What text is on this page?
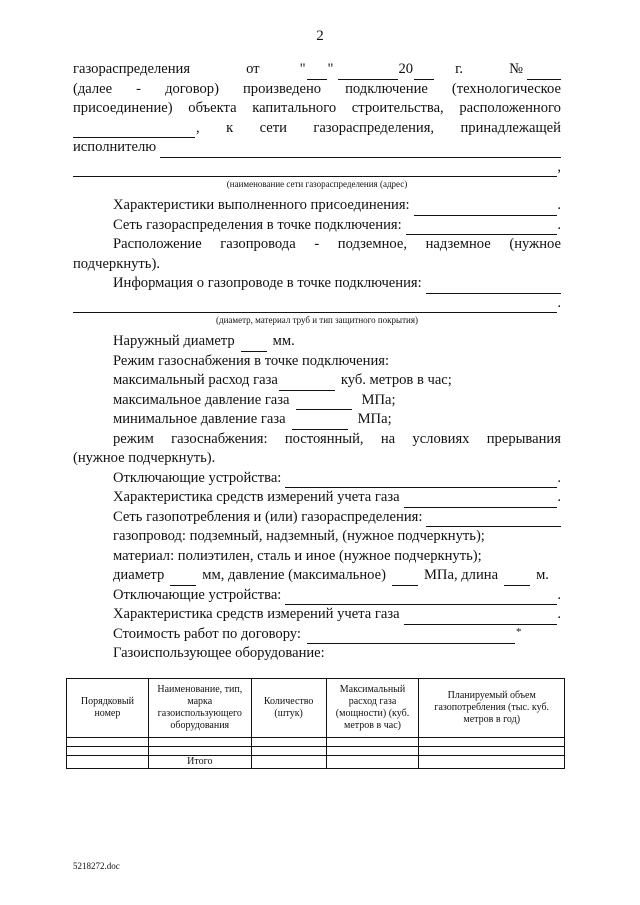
2
газораспределения	от	" "	20	г.	№
(далее - договор) произведено подключение (технологическое
присоединение) объекта капитального строительства, расположенного
, к сети газораспределения, принадлежащей
исполнителю
,
(наименование сети газораспределения (адрес)
Характеристики выполненного присоединения:	.
Сеть газораспределения в точке подключения:	.
Расположение газопровода - подземное, надземное (нужное
подчеркнуть).
Информация о газопроводе в точке подключения:
.
(диаметр, материал труб и тип защитного покрытия)
Наружный диаметр	мм.
Режим газоснабжения в точке подключения:
максимальный расход газа	куб. метров в час;
максимальное давление газа	МПа;
минимальное давление газа	МПа;
режим газоснабжения: постоянный, на условиях прерывания
(нужное подчеркнуть).
Отключающие устройства:	.
Характеристика средств измерений учета газа	.
Сеть газопотребления и (или) газораспределения:
газопровод: подземный, надземный, (нужное подчеркнуть);
материал: полиэтилен, сталь и иное (нужное подчеркнуть);
диаметр	мм, давление (максимальное)	МПа, длина	м.
Отключающие устройства:	.
Характеристика средств измерений учета газа	.
Стоимость работ по договору:	*
Газоиспользующее оборудование:
Порядковый номер	Наименование, тип, марка газоиспользующего оборудования	Количество (штук)	Максимальный расход газа (мощности) (куб. метров в час)	Планируемый объем газопотребления (тыс. куб. метров в год)

	Итого			
5218272.doc
